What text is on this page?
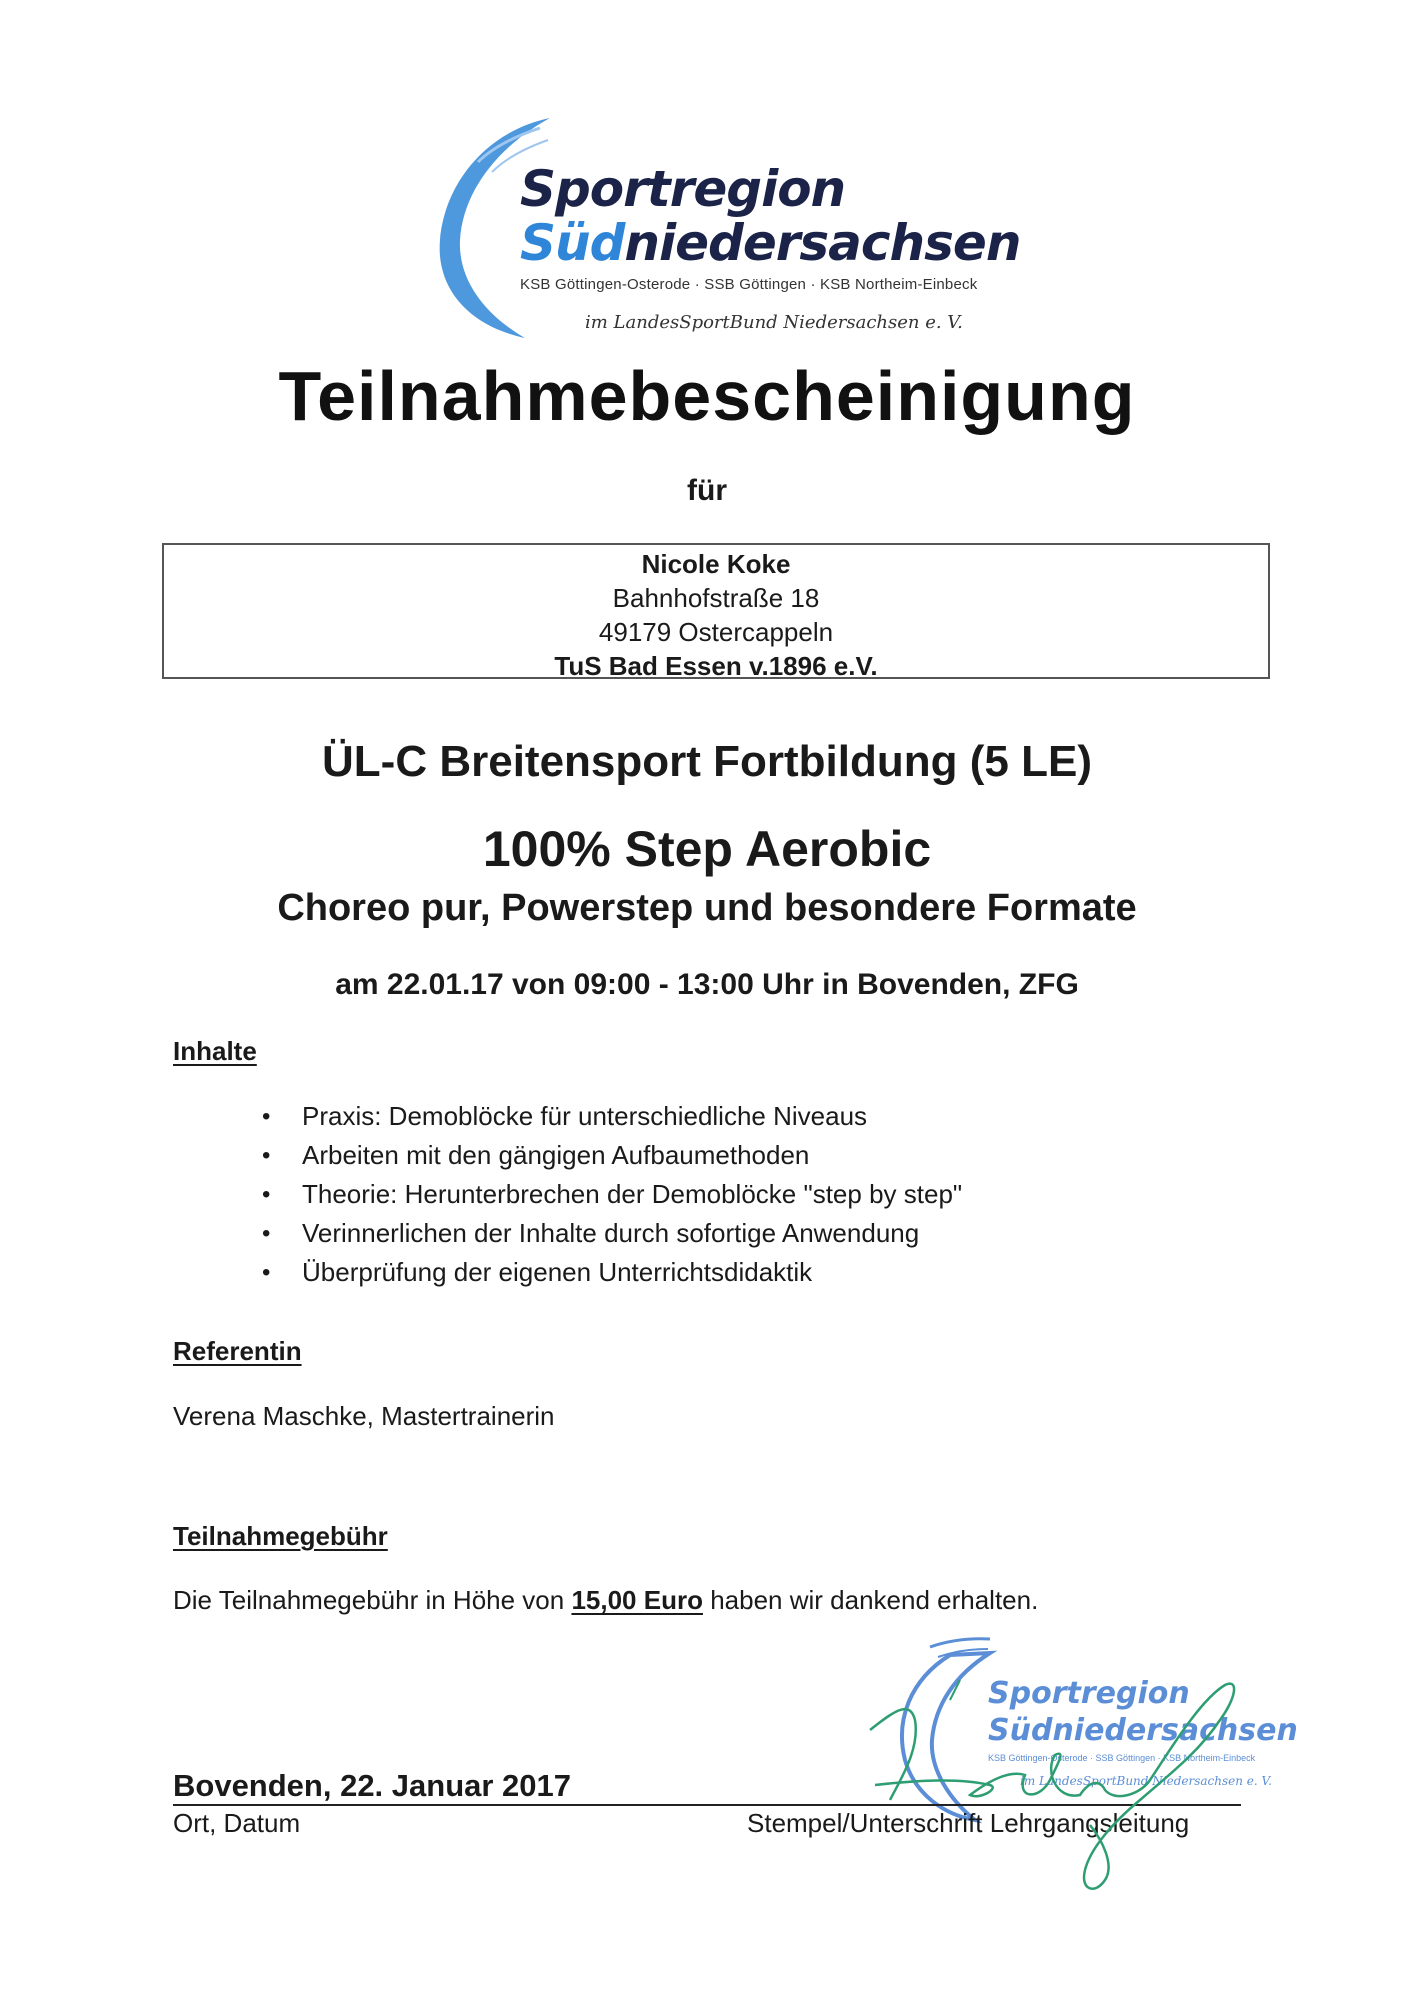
Sportregion
Südniedersachsen
KSB Göttingen-Osterode · SSB Göttingen · KSB Northeim-Einbeck
im LandesSportBund Niedersachsen e. V.
Teilnahmebescheinigung
für
Nicole Koke
Bahnhofstraße 18
49179 Ostercappeln
TuS Bad Essen v.1896 e.V.
ÜL-C Breitensport Fortbildung (5 LE)
100% Step Aerobic
Choreo pur, Powerstep und besondere Formate
am 22.01.17 von 09:00 - 13:00 Uhr in Bovenden, ZFG
Inhalte
• Praxis: Demoblöcke für unterschiedliche Niveaus
• Arbeiten mit den gängigen Aufbaumethoden
• Theorie: Herunterbrechen der Demoblöcke "step by step"
• Verinnerlichen der Inhalte durch sofortige Anwendung
• Überprüfung der eigenen Unterrichtsdidaktik
Referentin
Verena Maschke, Mastertrainerin
Teilnahmegebühr
Die Teilnahmegebühr in Höhe von 15,00 Euro haben wir dankend erhalten.
Sportregion
Südniedersachsen
KSB Göttingen-Osterode · SSB Göttingen · KSB Northeim-Einbeck
im LandesSportBund Niedersachsen e. V.
Bovenden, 22. Januar 2017
Ort, Datum	Stempel/Unterschrift Lehrgangsleitung
